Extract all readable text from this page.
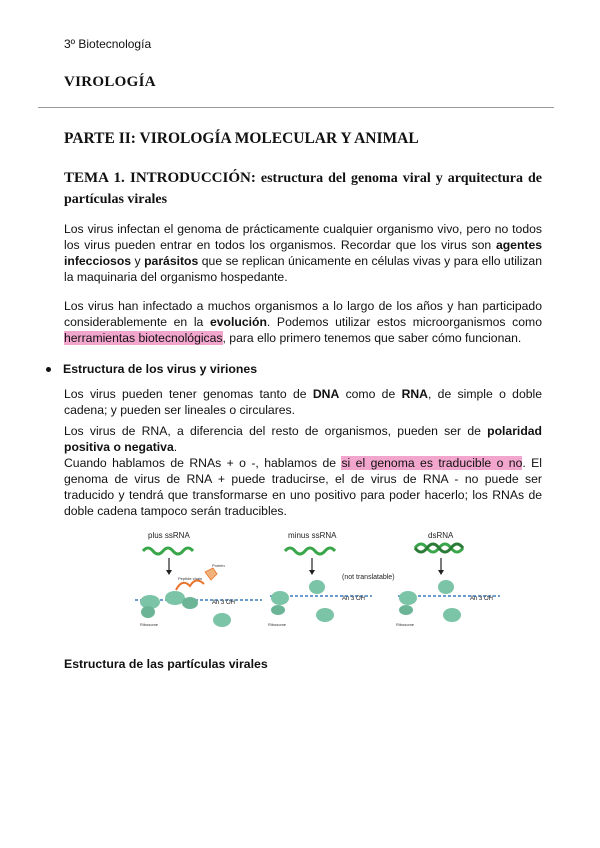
3º Biotecnología
VIROLOGÍA
PARTE II: VIROLOGÍA MOLECULAR Y ANIMAL
TEMA 1. INTRODUCCIÓN: estructura del genoma viral y arquitectura de partículas virales
Los virus infectan el genoma de prácticamente cualquier organismo vivo, pero no todos los virus pueden entrar en todos los organismos. Recordar que los virus son agentes infecciosos y parásitos que se replican únicamente en células vivas y para ello utilizan la maquinaria del organismo hospedante.
Los virus han infectado a muchos organismos a lo largo de los años y han participado considerablemente en la evolución. Podemos utilizar estos microorganismos como herramientas biotecnológicas, para ello primero tenemos que saber cómo funcionan.
Estructura de los virus y viriones
Los virus pueden tener genomas tanto de DNA como de RNA, de simple o doble cadena; y pueden ser lineales o circulares.
Los virus de RNA, a diferencia del resto de organismos, pueden ser de polaridad positiva o negativa.
Cuando hablamos de RNAs + o -, hablamos de si el genoma es traducible o no. El genoma de virus de RNA + puede traducirse, el de virus de RNA - no puede ser traducido y tendrá que transformarse en uno positivo para poder hacerlo; los RNAs de doble cadena tampoco serán traducibles.
plus ssRNA
Peptide chain
Protein
An 3 OH
Ribosome
minus ssRNA
(not translatable)
An 3 OH
Ribosome
dsRNA
An 3 OH
Ribosome
Estructura de las partículas virales
